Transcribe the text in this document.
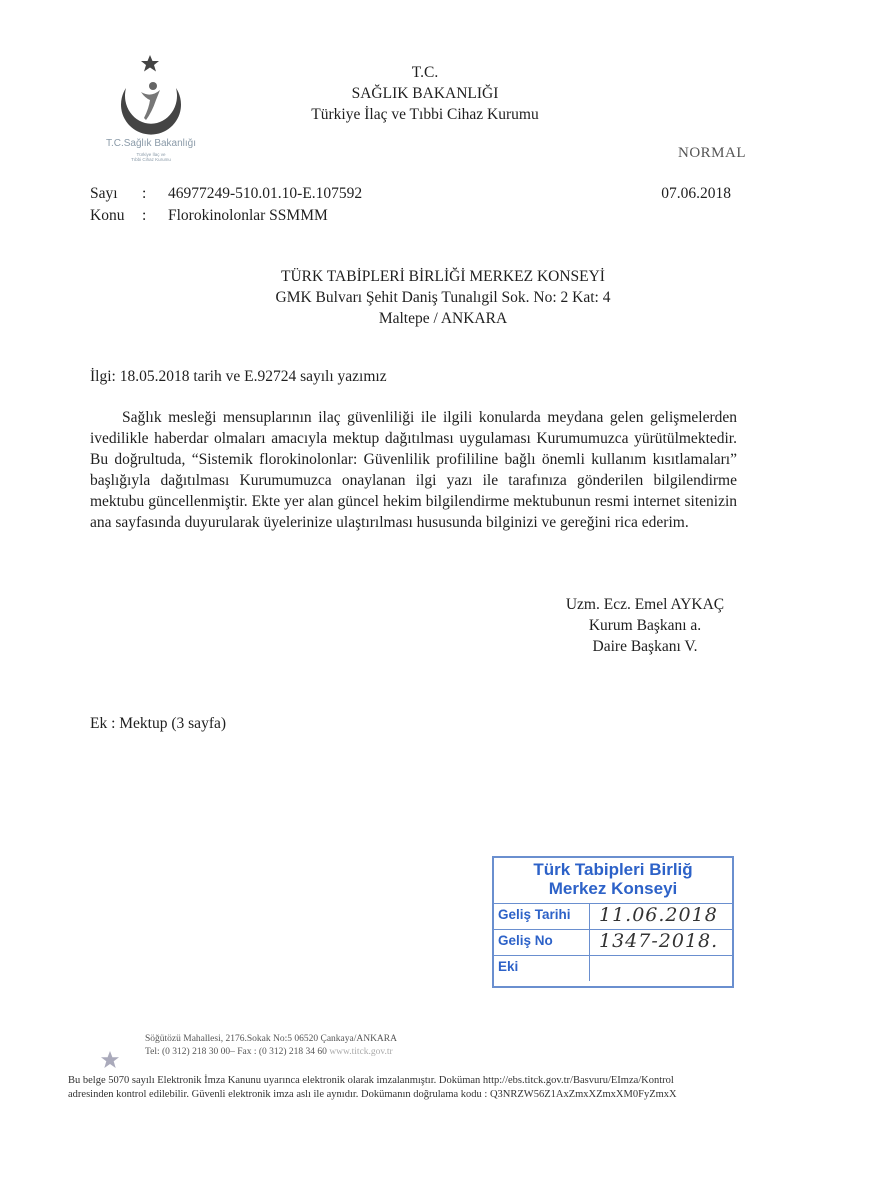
T.C.Sağlık Bakanlığı
Türkiye İlaç ve
Tıbbi Cihaz Kurumu
T.C.
SAĞLIK BAKANLIĞI
Türkiye İlaç ve Tıbbi Cihaz Kurumu
NORMAL
Sayı : 46977249-510.01.10-E.107592
Konu : Florokinolonlar SSMMM
07.06.2018
TÜRK TABİPLERİ BİRLİĞİ MERKEZ KONSEYİ
GMK Bulvarı Şehit Daniş Tunalıgil Sok. No: 2 Kat: 4
Maltepe / ANKARA
İlgi: 18.05.2018 tarih ve E.92724 sayılı yazımız
Sağlık mesleği mensuplarının ilaç güvenliliği ile ilgili konularda meydana gelen gelişmelerden ivedilikle haberdar olmaları amacıyla mektup dağıtılması uygulaması Kurumumuzca yürütülmektedir. Bu doğrultuda, “Sistemik florokinolonlar: Güvenlilik profililine bağlı önemli kullanım kısıtlamaları” başlığıyla dağıtılması Kurumumuzca onaylanan ilgi yazı ile tarafınıza gönderilen bilgilendirme mektubu güncellenmiştir. Ekte yer alan güncel hekim bilgilendirme mektubunun resmi internet sitenizin ana sayfasında duyurularak üyelerinize ulaştırılması hususunda bilginizi ve gereğini rica ederim.
Uzm. Ecz. Emel AYKAÇ
Kurum Başkanı a.
Daire Başkanı V.
Ek : Mektup (3 sayfa)
Türk Tabipleri Birliğ
Merkez Konseyi
Geliş Tarihi 11.06.2018
Geliş No 1347-2018.
Eki
Söğütözü Mahallesi, 2176.Sokak No:5 06520 Çankaya/ANKARA
Tel: (0 312) 218 30 00– Fax : (0 312) 218 34 60 www.titck.gov.tr
Bu belge 5070 sayılı Elektronik İmza Kanunu uyarınca elektronik olarak imzalanmıştır. Doküman http://ebs.titck.gov.tr/Basvuru/EImza/Kontrol
adresinden kontrol edilebilir. Güvenli elektronik imza aslı ile aynıdır. Dokümanın doğrulama kodu : Q3NRZW56Z1AxZmxXZmxXM0FyZmxX
